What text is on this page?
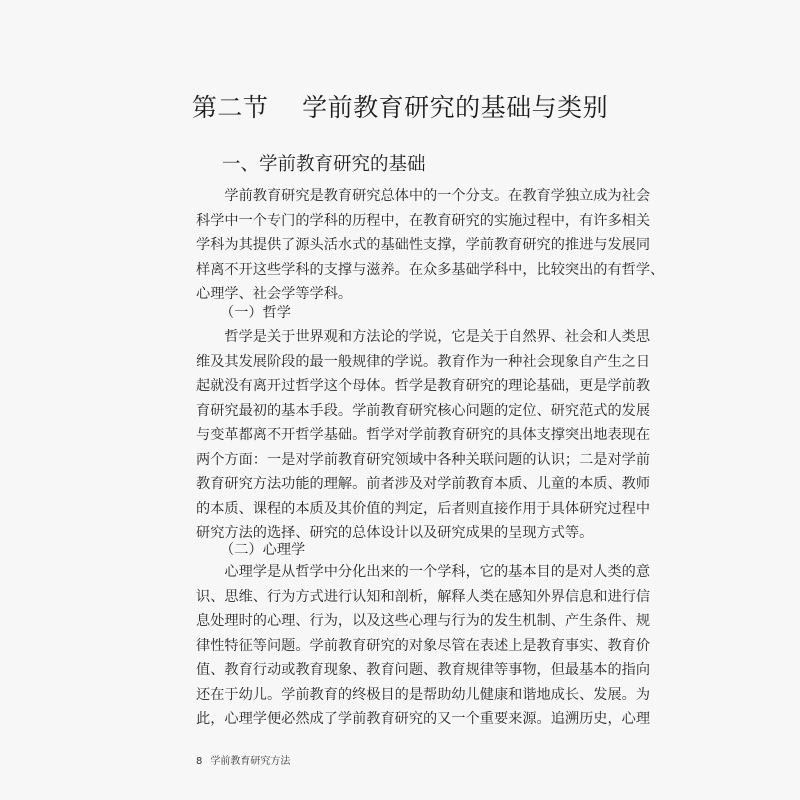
第二节    学前教育研究的基础与类别
一、学前教育研究的基础
　　学前教育研究是教育研究总体中的一个分支。在教育学独立成为社会
科学中一个专门的学科的历程中，在教育研究的实施过程中，有许多相关
学科为其提供了源头活水式的基础性支撑，学前教育研究的推进与发展同
样离不开这些学科的支撑与滋养。在众多基础学科中，比较突出的有哲学、
心理学、社会学等学科。
（一）哲学
　　哲学是关于世界观和方法论的学说，它是关于自然界、社会和人类思
维及其发展阶段的最一般规律的学说。教育作为一种社会现象自产生之日
起就没有离开过哲学这个母体。哲学是教育研究的理论基础，更是学前教
育研究最初的基本手段。学前教育研究核心问题的定位、研究范式的发展
与变革都离不开哲学基础。哲学对学前教育研究的具体支撑突出地表现在
两个方面：一是对学前教育研究领域中各种关联问题的认识；二是对学前
教育研究方法功能的理解。前者涉及对学前教育本质、儿童的本质、教师
的本质、课程的本质及其价值的判定，后者则直接作用于具体研究过程中
研究方法的选择、研究的总体设计以及研究成果的呈现方式等。
（二）心理学
　　心理学是从哲学中分化出来的一个学科，它的基本目的是对人类的意
识、思维、行为方式进行认知和剖析，解释人类在感知外界信息和进行信
息处理时的心理、行为，以及这些心理与行为的发生机制、产生条件、规
律性特征等问题。学前教育研究的对象尽管在表述上是教育事实、教育价
值、教育行动或教育现象、教育问题、教育规律等事物，但最基本的指向
还在于幼儿。学前教育的终极目的是帮助幼儿健康和谐地成长、发展。为
此，心理学便必然成了学前教育研究的又一个重要来源。追溯历史，心理
8 学前教育研究方法
